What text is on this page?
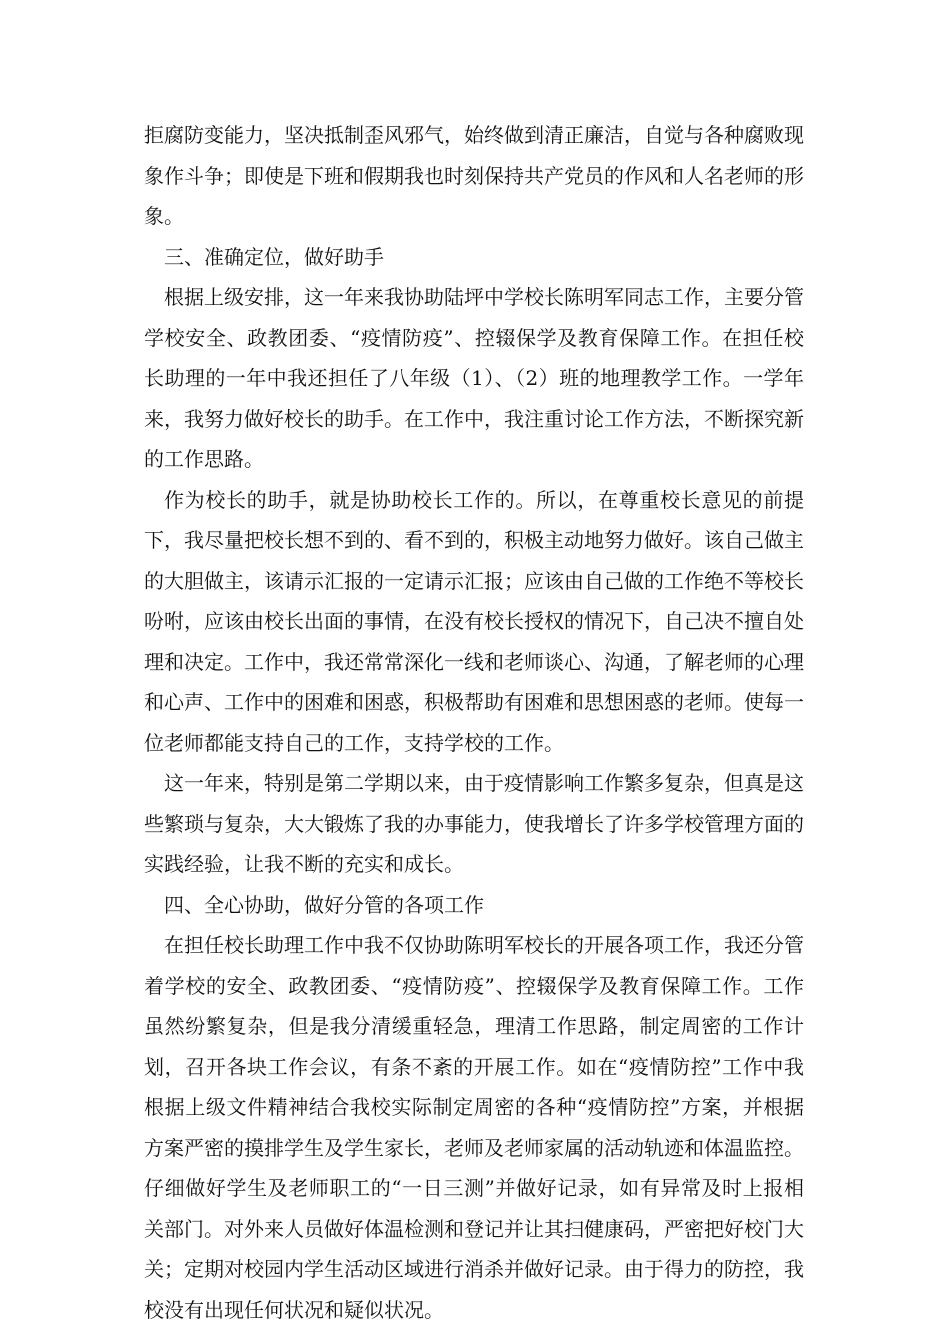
拒腐防变能力，坚决抵制歪风邪气，始终做到清正廉洁，自觉与各种腐败现象作斗争；即使是下班和假期我也时刻保持共产党员的作风和人名老师的形象。

三、准确定位，做好助手

根据上级安排，这一年来我协助陆坪中学校长陈明军同志工作，主要分管学校安全、政教团委、“疫情防疫”、控辍保学及教育保障工作。在担任校长助理的一年中我还担任了八年级（1）、（2）班的地理教学工作。一学年来，我努力做好校长的助手。在工作中，我注重讨论工作方法，不断探究新的工作思路。

作为校长的助手，就是协助校长工作的。所以，在尊重校长意见的前提下，我尽量把校长想不到的、看不到的，积极主动地努力做好。该自己做主的大胆做主，该请示汇报的一定请示汇报；应该由自己做的工作绝不等校长吩咐，应该由校长出面的事情，在没有校长授权的情况下，自己决不擅自处理和决定。工作中，我还常常深化一线和老师谈心、沟通，了解老师的心理和心声、工作中的困难和困惑，积极帮助有困难和思想困惑的老师。使每一位老师都能支持自己的工作，支持学校的工作。

这一年来，特别是第二学期以来，由于疫情影响工作繁多复杂，但真是这些繁琐与复杂，大大锻炼了我的办事能力，使我增长了许多学校管理方面的实践经验，让我不断的充实和成长。

四、全心协助，做好分管的各项工作

在担任校长助理工作中我不仅协助陈明军校长的开展各项工作，我还分管着学校的安全、政教团委、“疫情防疫”、控辍保学及教育保障工作。工作虽然纷繁复杂，但是我分清缓重轻急，理清工作思路，制定周密的工作计划，召开各块工作会议，有条不紊的开展工作。如在“疫情防控”工作中我根据上级文件精神结合我校实际制定周密的各种“疫情防控”方案，并根据方案严密的摸排学生及学生家长，老师及老师家属的活动轨迹和体温监控。仔细做好学生及老师职工的“一日三测”并做好记录，如有异常及时上报相关部门。对外来人员做好体温检测和登记并让其扫健康码，严密把好校门大关；定期对校园内学生活动区域进行消杀并做好记录。由于得力的防控，我校没有出现任何状况和疑似状况。
